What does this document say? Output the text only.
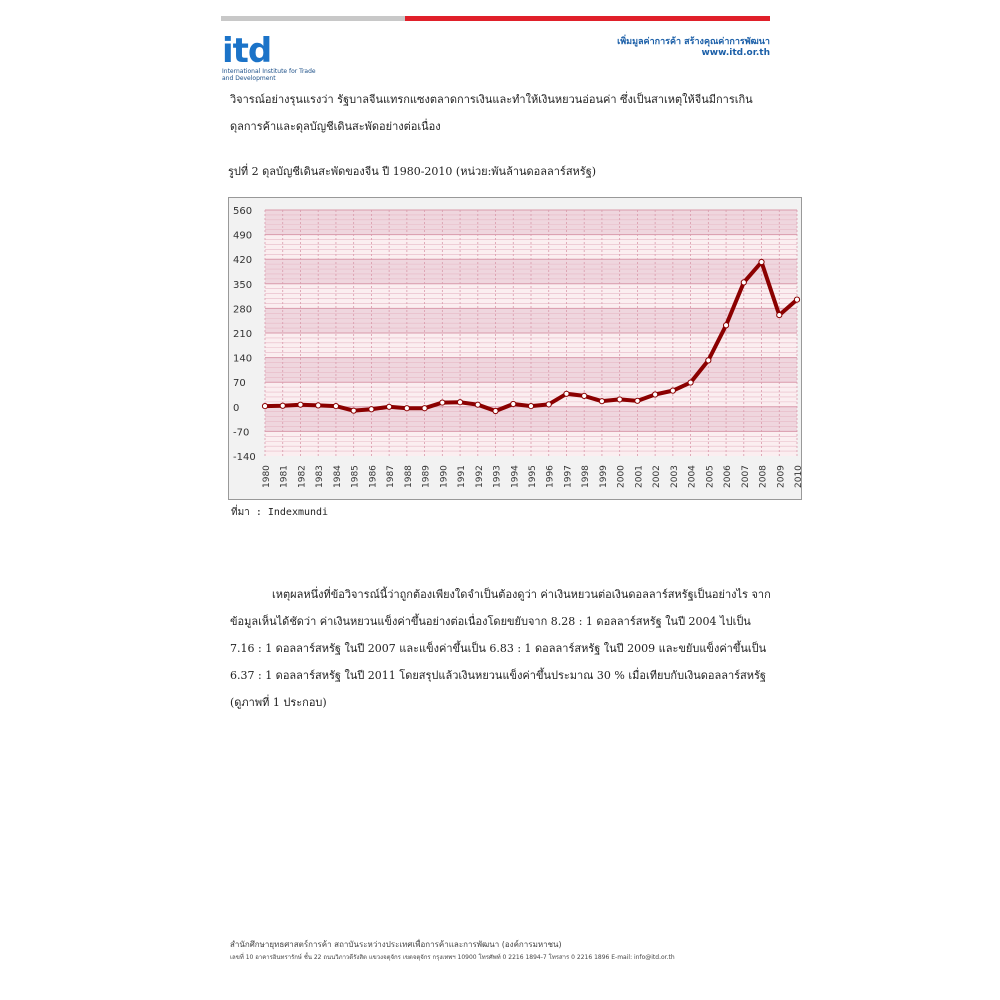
itd
International Institute for Trade and Development
เพิ่มมูลค่าการค้า สร้างคุณค่าการพัฒนา
www.itd.or.th
วิจารณ์อย่างรุนแรงว่า รัฐบาลจีนแทรกแซงตลาดการเงินและทำให้เงินหยวนอ่อนค่า ซึ่งเป็นสาเหตุให้จีนมีการเกินดุลการค้าและดุลบัญชีเดินสะพัดอย่างต่อเนื่อง
รูปที่ 2 ดุลบัญชีเดินสะพัดของจีน ปี 1980-2010 (หน่วย:พันล้านดอลลาร์สหรัฐ)
560
490
420
350
280
210
140
70
0
-70
-140
1980 1981 1982 1983 1984 1985 1986 1987 1988 1989 1990 1991 1992 1993 1994 1995 1996 1997 1998 1999 2000 2001 2002 2003 2004 2005 2006 2007 2008 2009 2010
ที่มา : Indexmundi
เหตุผลหนึ่งที่ข้อวิจารณ์นี้ว่าถูกต้องเพียงใดจำเป็นต้องดูว่า ค่าเงินหยวนต่อเงินดอลลาร์สหรัฐเป็นอย่างไร จากข้อมูลเห็นได้ชัดว่า ค่าเงินหยวนแข็งค่าขึ้นอย่างต่อเนื่องโดยขยับจาก 8.28 : 1 ดอลลาร์สหรัฐ ในปี 2004 ไปเป็น 7.16 : 1 ดอลลาร์สหรัฐ ในปี 2007 และแข็งค่าขึ้นเป็น 6.83 : 1 ดอลลาร์สหรัฐ ในปี 2009 และขยับแข็งค่าขึ้นเป็น 6.37 : 1 ดอลลาร์สหรัฐ ในปี 2011 โดยสรุปแล้วเงินหยวนแข็งค่าขึ้นประมาณ 30 % เมื่อเทียบกับเงินดอลลาร์สหรัฐ (ดูภาพที่ 1 ประกอบ)
สำนักศึกษายุทธศาสตร์การค้า สถาบันระหว่างประเทศเพื่อการค้าและการพัฒนา (องค์การมหาชน)
เลขที่ 10 อาคารอินทรารักษ์ ชั้น 22 ถนนวิภาวดีรังสิต แขวงจตุจักร เขตจตุจักร กรุงเทพฯ 10900 โทรศัพท์ 0 2216 1894-7 โทรสาร 0 2216 1896 E-mail: info@itd.or.th
